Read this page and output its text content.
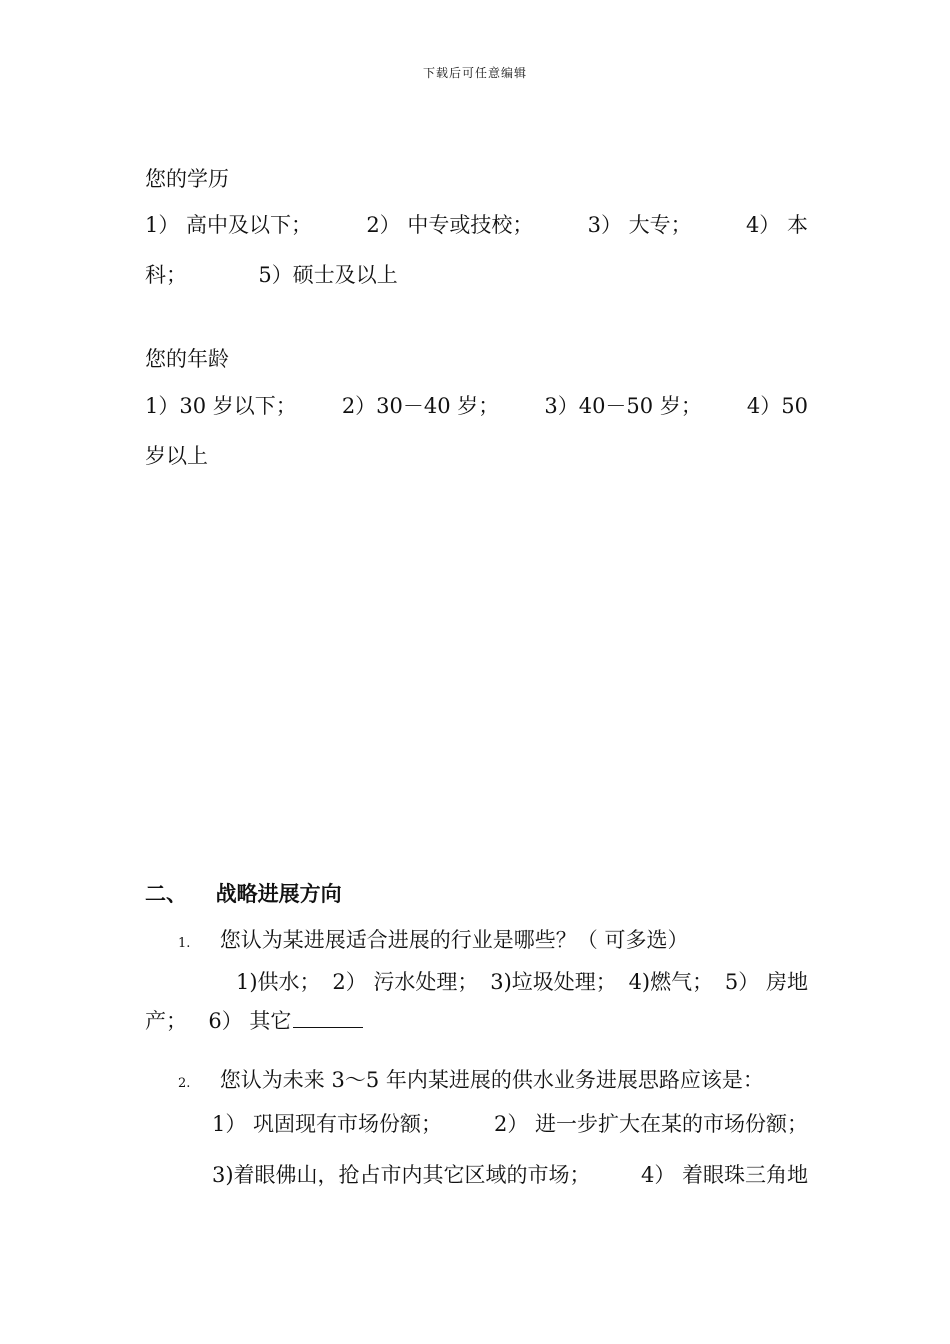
下载后可任意编辑
您的学历
1） 高中及以下；	2） 中专或技校；	3） 大专；	4） 本
科；	5）硕士及以上
您的年龄
1）30 岁以下； 2）30－40 岁； 3）40－50 岁； 4）50
岁以上
二、 战略进展方向
1. 您认为某进展适合进展的行业是哪些？（ 可多选）
1)供水； 2） 污水处理； 3)垃圾处理； 4)燃气； 5） 房地
产； 6） 其它
2. 您认为未来 3～5 年内某进展的供水业务进展思路应该是：
1） 巩固现有市场份额； 2） 进一步扩大在某的市场份额；
3)着眼佛山，抢占市内其它区域的市场； 4） 着眼珠三角地
